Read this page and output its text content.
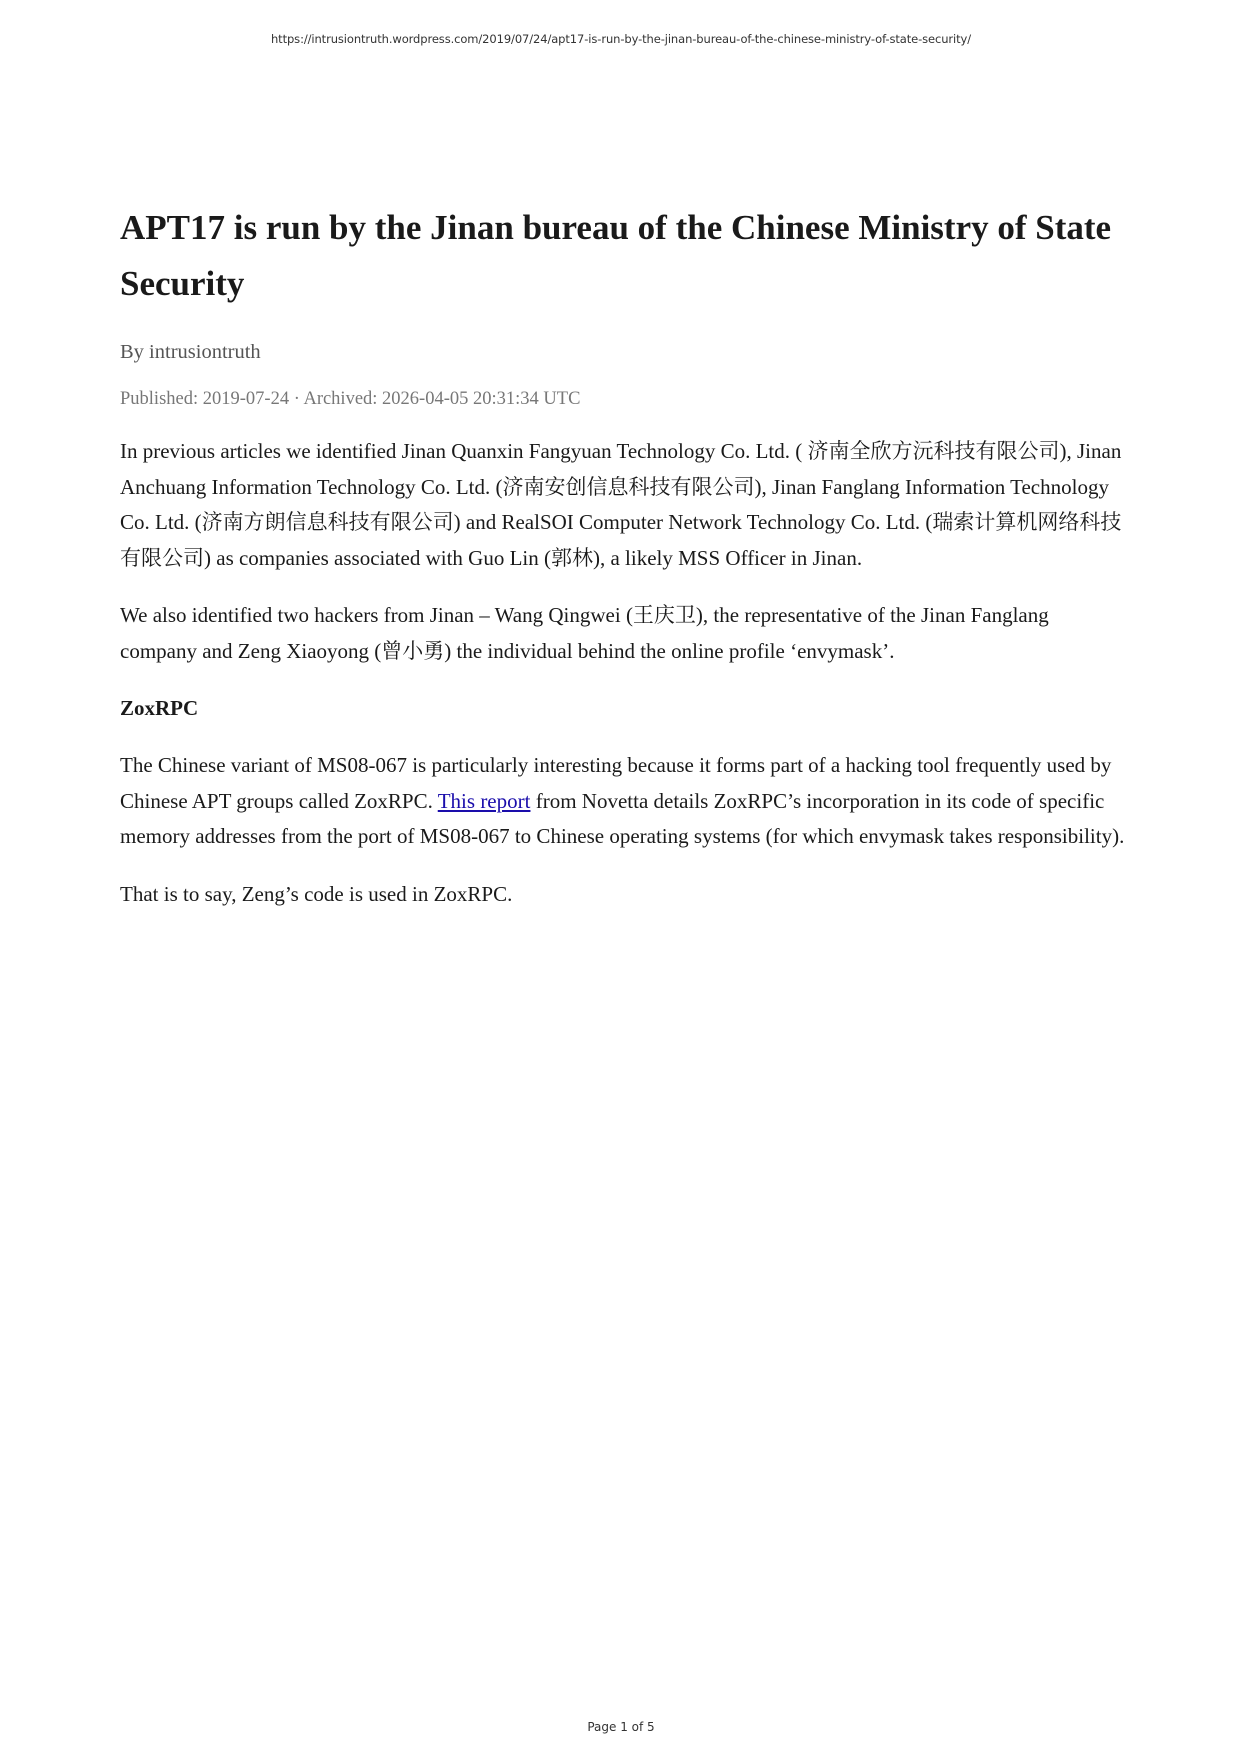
https://intrusiontruth.wordpress.com/2019/07/24/apt17-is-run-by-the-jinan-bureau-of-the-chinese-ministry-of-state-security/
APT17 is run by the Jinan bureau of the Chinese Ministry of State Security
By intrusiontruth
Published: 2019-07-24 · Archived: 2026-04-05 20:31:34 UTC

In previous articles we identified Jinan Quanxin Fangyuan Technology Co. Ltd. ( 济南全欣方沅科技有限公司), Jinan Anchuang Information Technology Co. Ltd. (济南安创信息科技有限公司), Jinan Fanglang Information Technology Co. Ltd. (济南方朗信息科技有限公司) and RealSOI Computer Network Technology Co. Ltd. (瑞索计算机网络科技有限公司) as companies associated with Guo Lin (郭林), a likely MSS Officer in Jinan.

We also identified two hackers from Jinan – Wang Qingwei (王庆卫), the representative of the Jinan Fanglang company and Zeng Xiaoyong (曾小勇) the individual behind the online profile ‘envymask’.

ZoxRPC

The Chinese variant of MS08-067 is particularly interesting because it forms part of a hacking tool frequently used by Chinese APT groups called ZoxRPC. This report from Novetta details ZoxRPC’s incorporation in its code of specific memory addresses from the port of MS08-067 to Chinese operating systems (for which envymask takes responsibility).

That is to say, Zeng’s code is used in ZoxRPC.

Page 1 of 5
